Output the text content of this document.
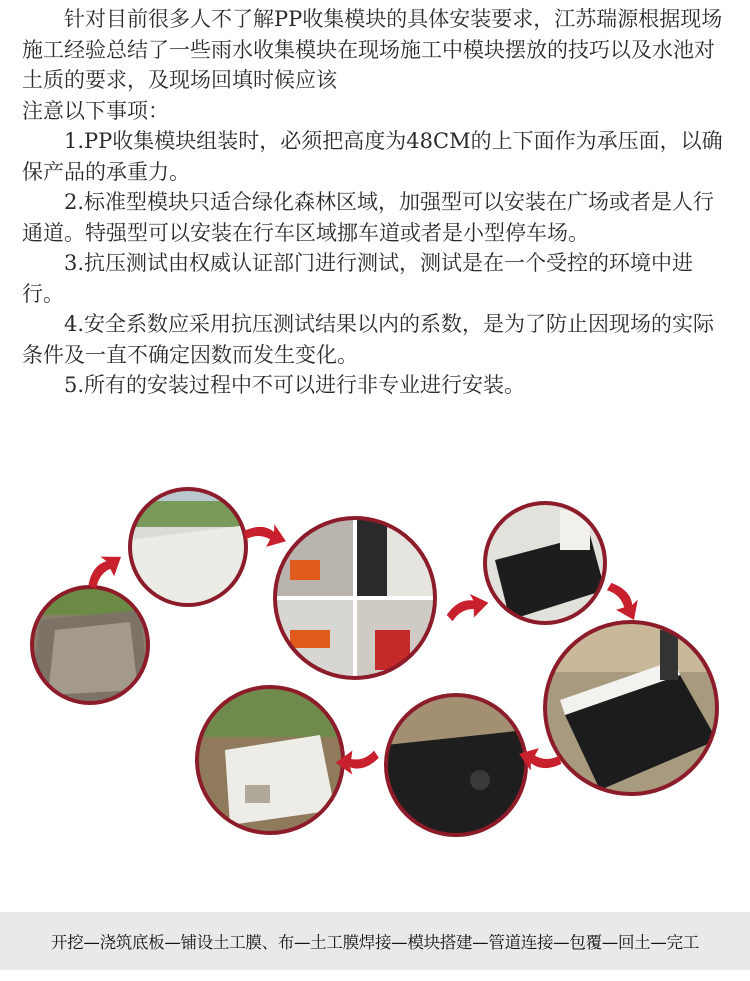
针对目前很多人不了解PP收集模块的具体安装要求，江苏瑞源根据现场施工经验总结了一些雨水收集模块在现场施工中模块摆放的技巧以及水池对土质的要求，及现场回填时候应该

注意以下事项：

1.PP收集模块组装时，必须把高度为48CM的上下面作为承压面，以确保产品的承重力。

2.标准型模块只适合绿化森林区域，加强型可以安装在广场或者是人行通道。特强型可以安装在行车区域挪车道或者是小型停车场。

3.抗压测试由权威认证部门进行测试，测试是在一个受控的环境中进行。

4.安全系数应采用抗压测试结果以内的系数，是为了防止因现场的实际条件及一直不确定因数而发生变化。

5.所有的安装过程中不可以进行非专业进行安装。

开挖—浇筑底板—铺设土工膜、布—土工膜焊接—模块搭建—管道连接—包覆—回土—完工
